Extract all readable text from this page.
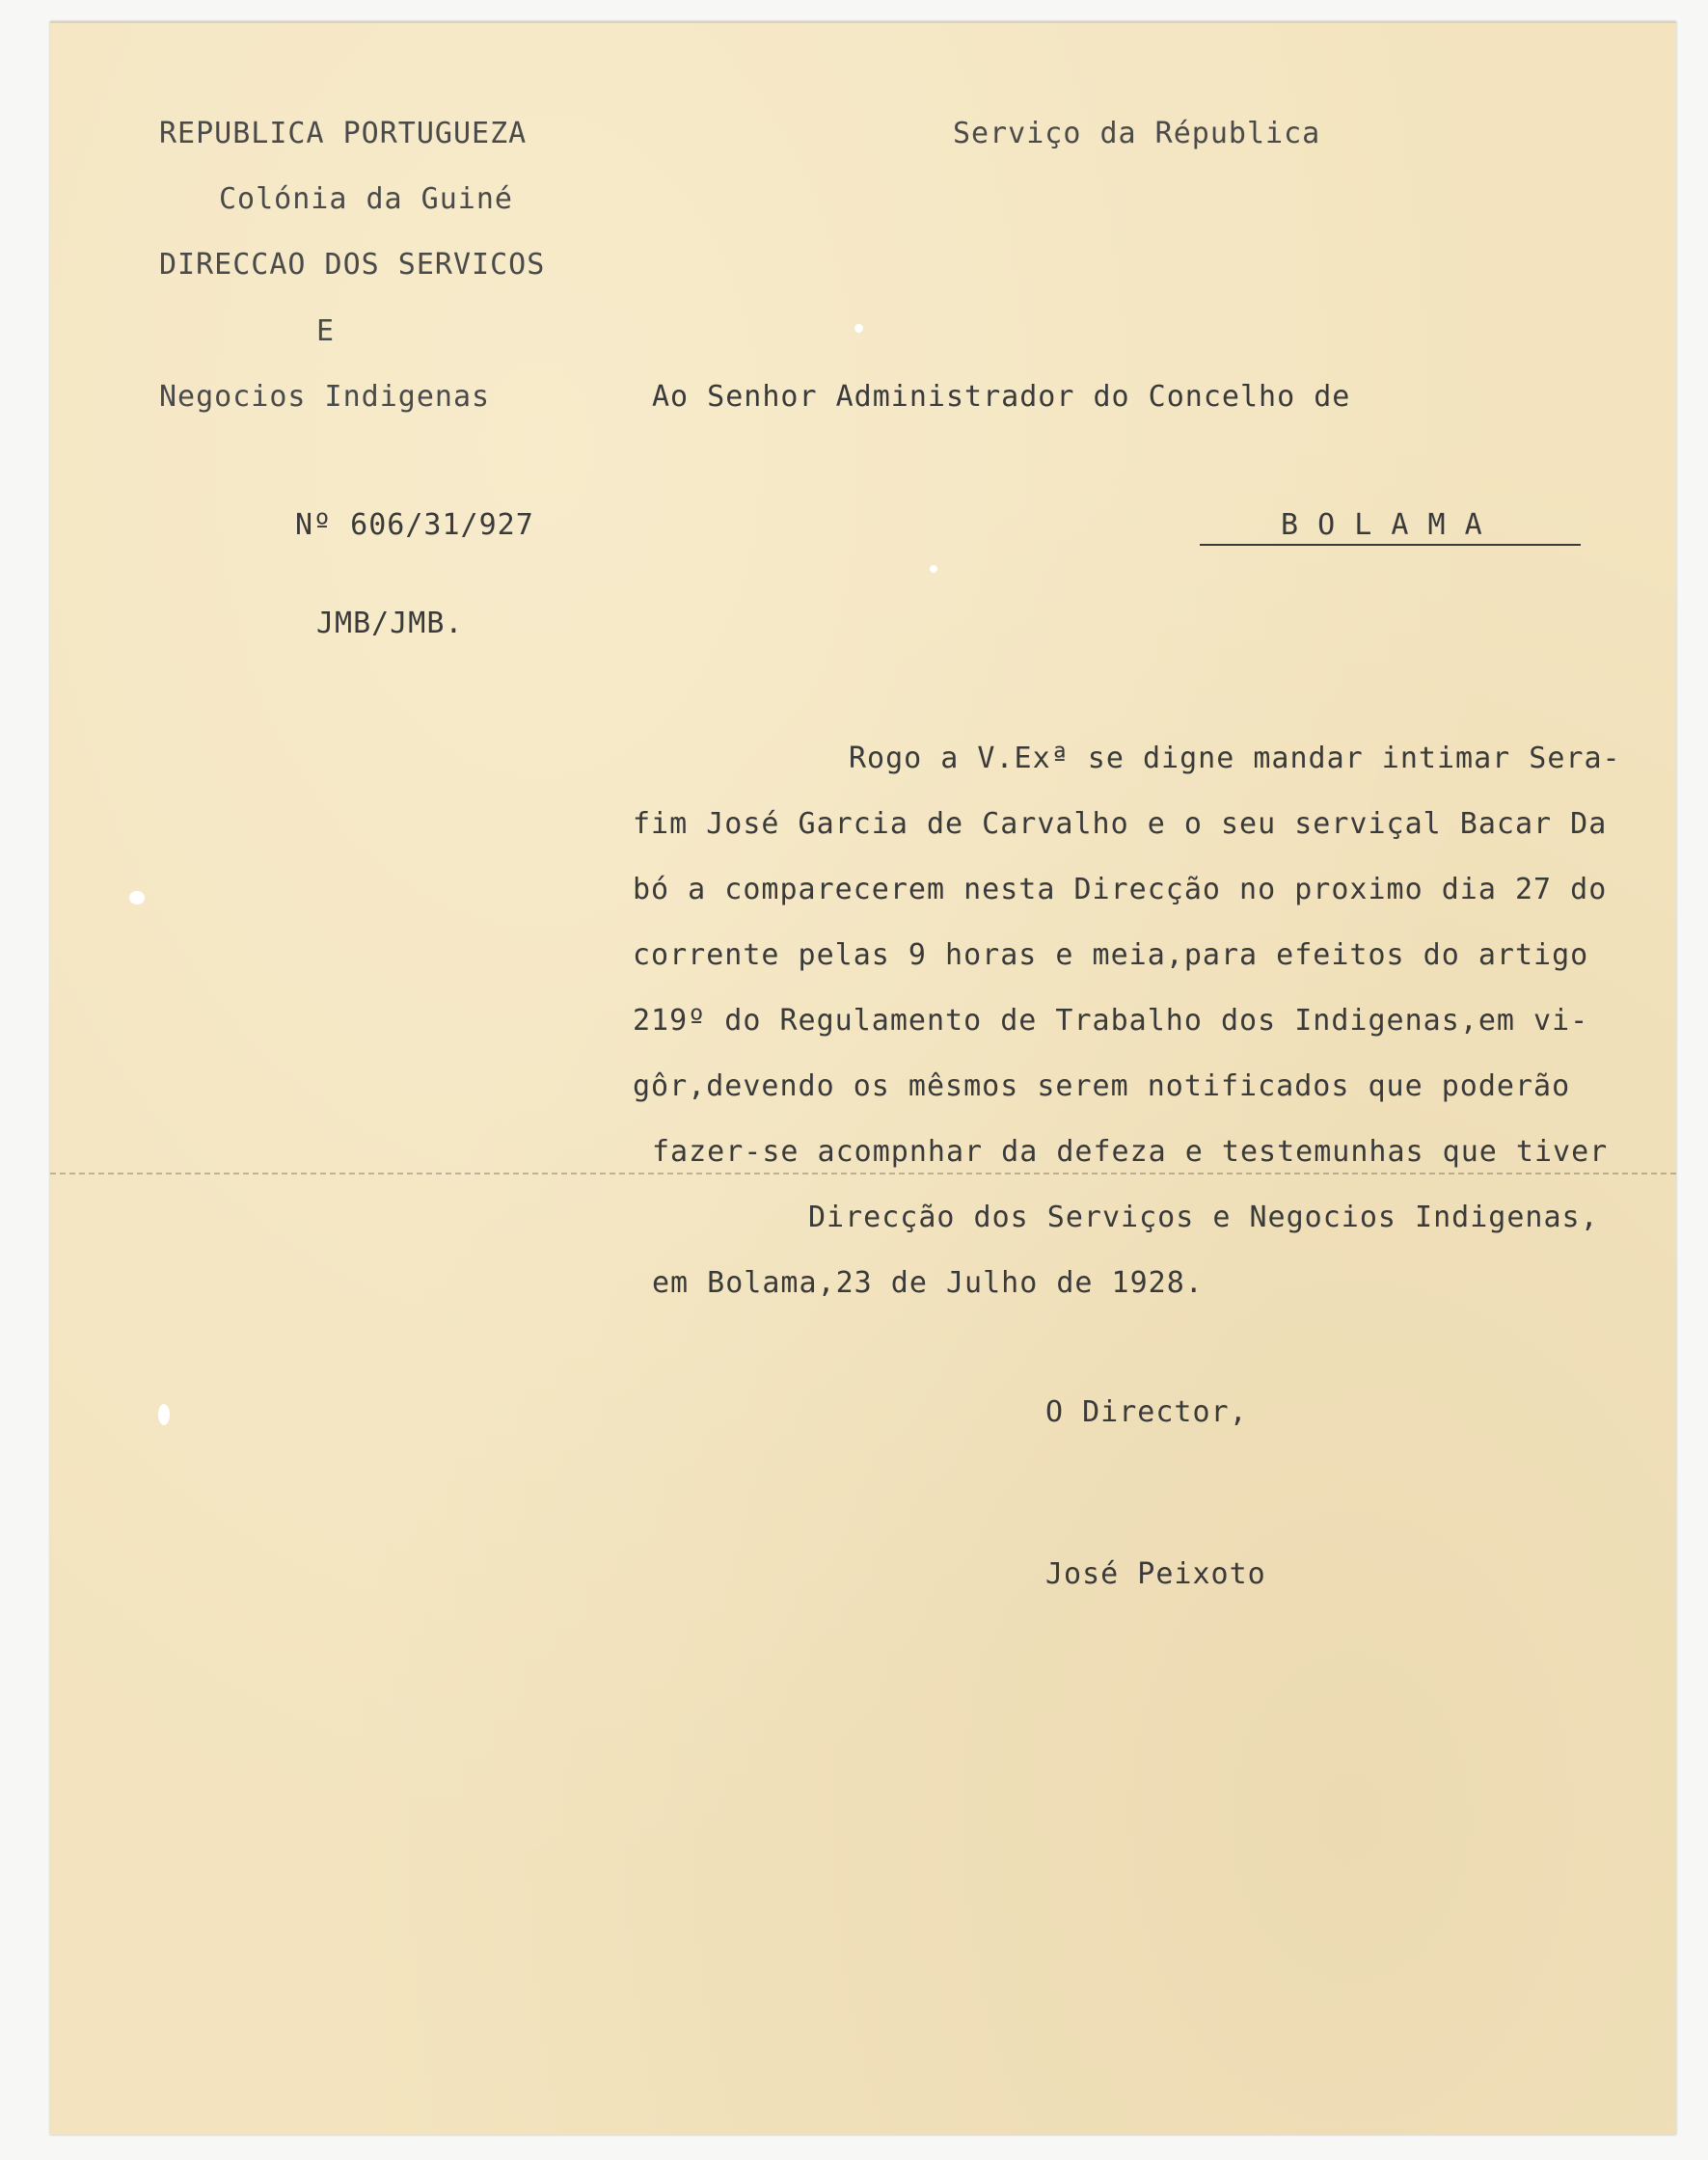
REPUBLICA PORTUGUEZA
Colónia da Guiné
DIRECCAO DOS SERVICOS
E
Negocios Indigenas
Serviço da Républica
Nº 606/31/927
JMB/JMB.
Ao Senhor Administrador do Concelho de
B O L A M A
Rogo a V.Exª se digne mandar intimar Sera-
fim José Garcia de Carvalho e o seu serviçal Bacar Da
bó a comparecerem nesta Direcção no proximo dia 27 do
corrente pelas 9 horas e meia,para efeitos do artigo
219º do Regulamento de Trabalho dos Indigenas,em vi-
gôr,devendo os mêsmos serem notificados que poderão
fazer-se acompnhar da defeza e testemunhas que tiver
Direcção dos Serviços e Negocios Indigenas,
em Bolama,23 de Julho de 1928.
O Director,
José Peixoto
